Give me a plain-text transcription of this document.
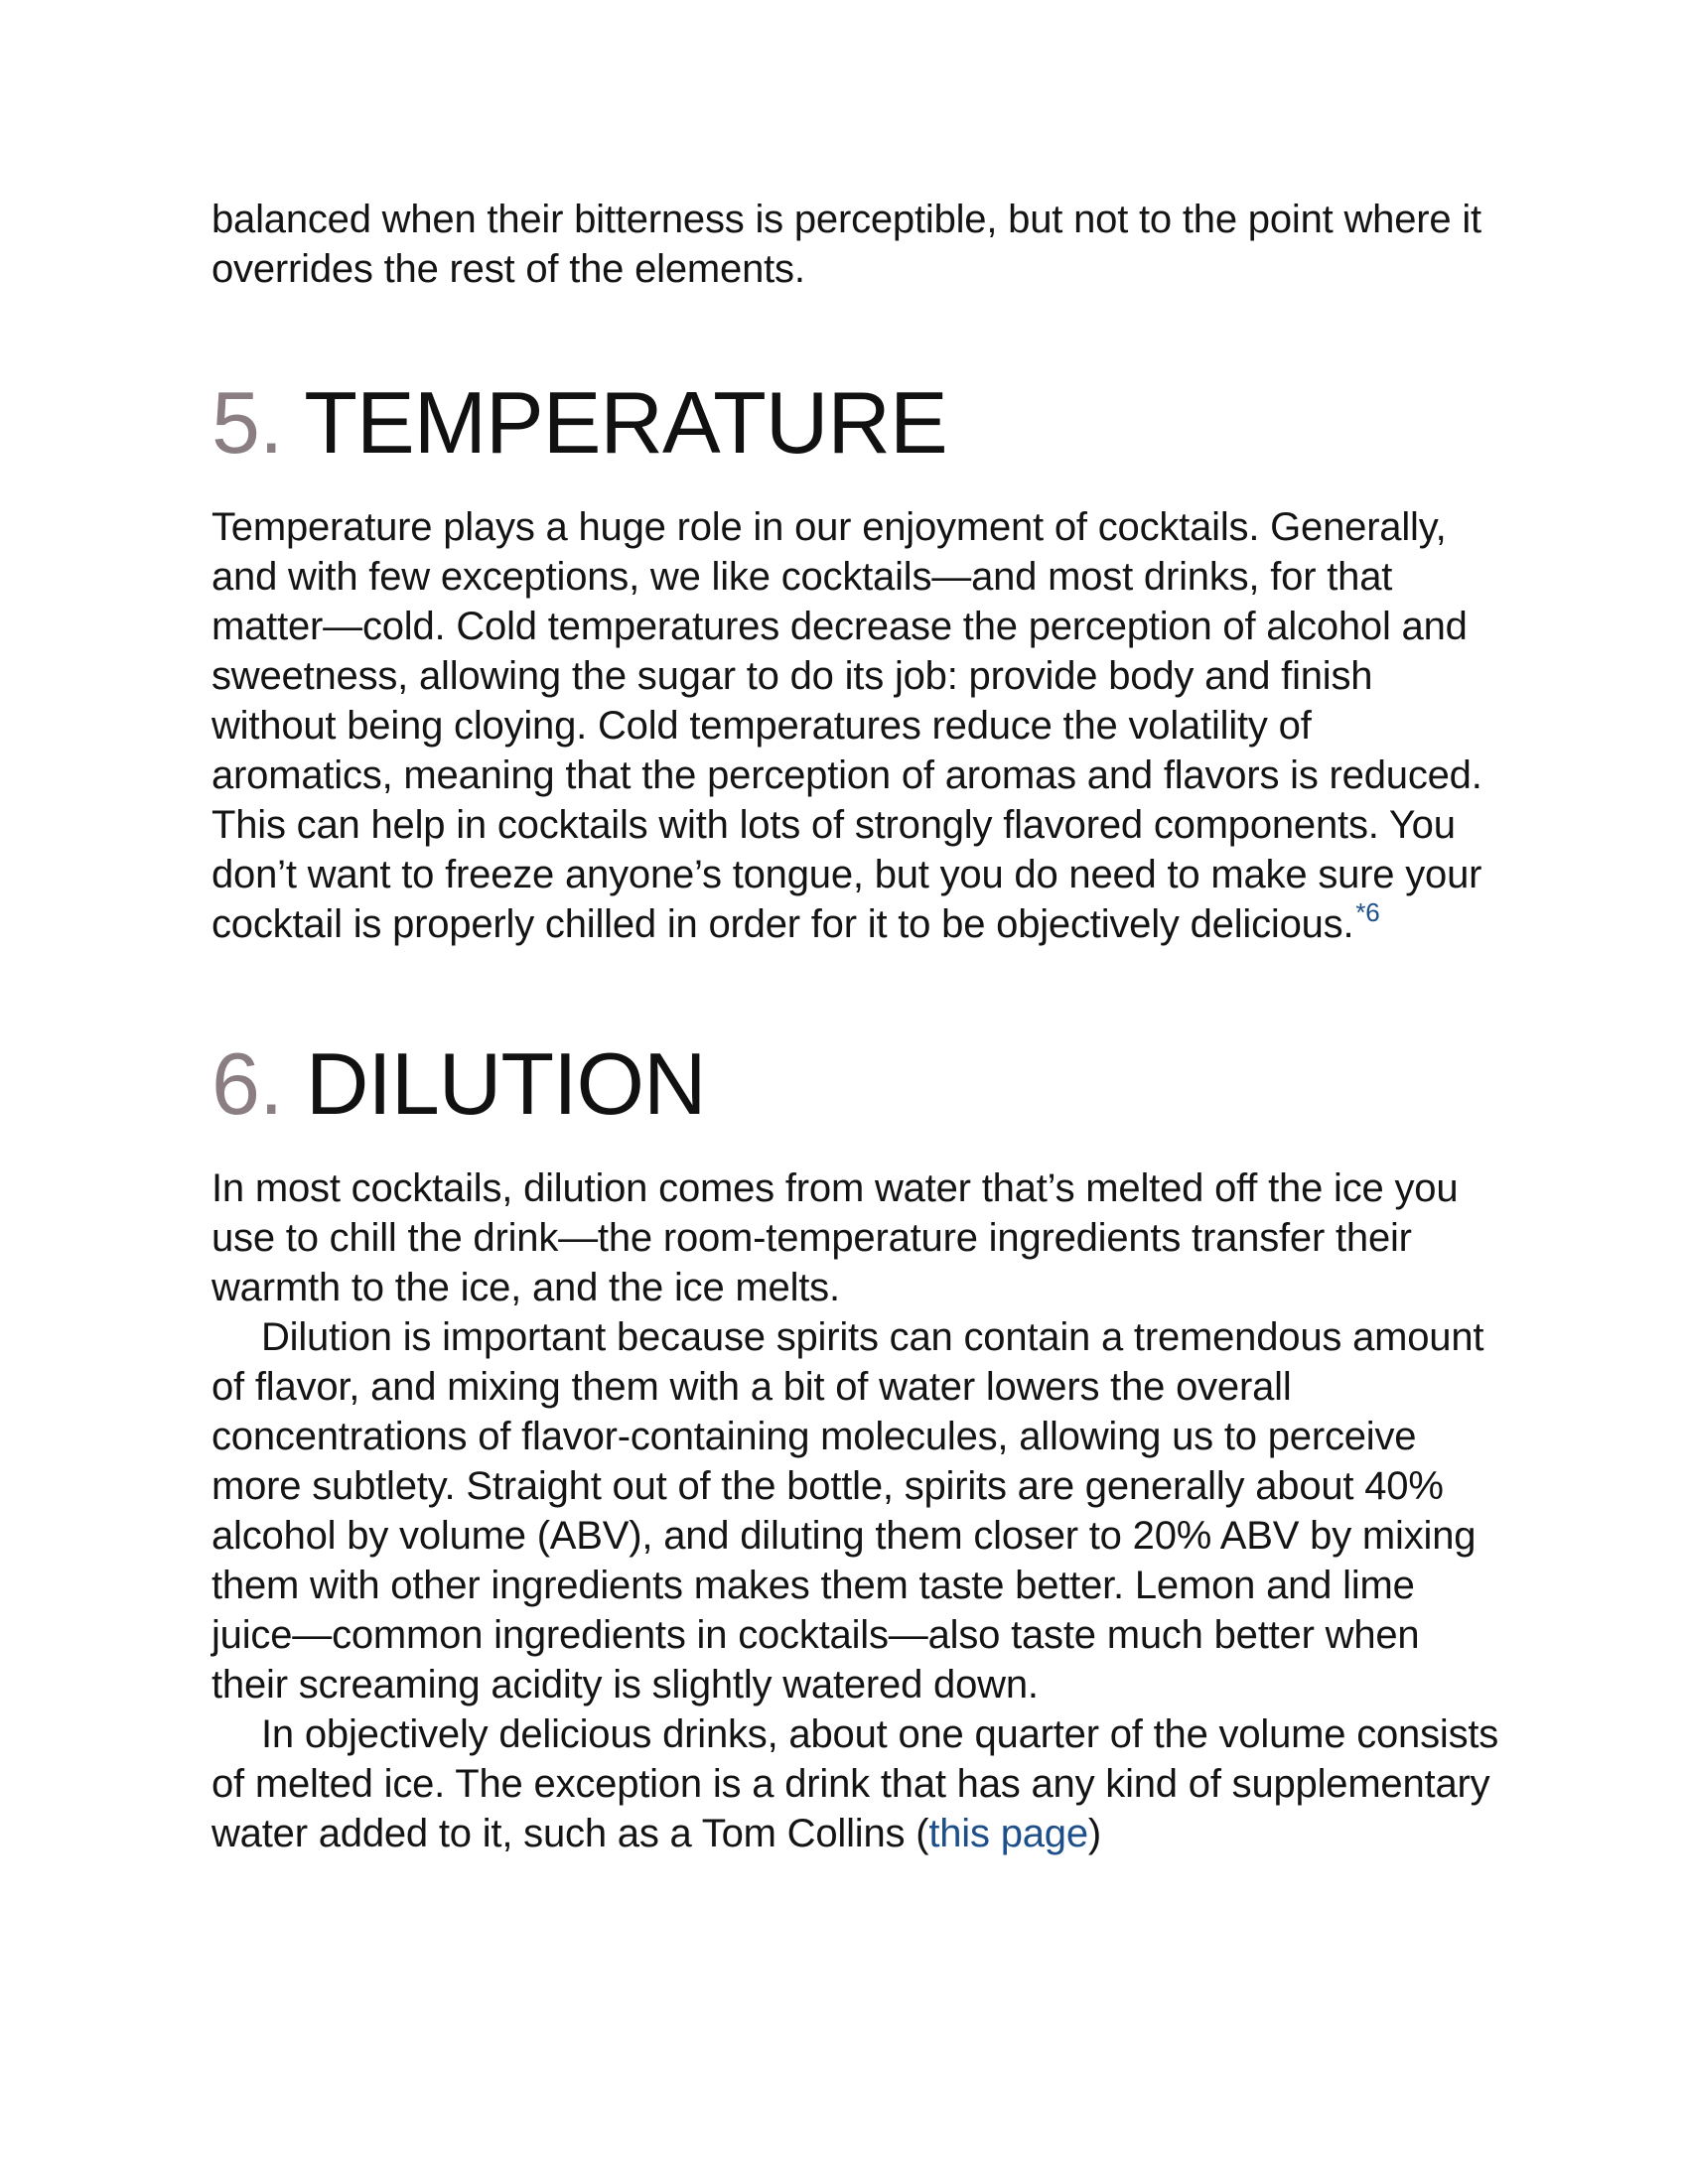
balanced when their bitterness is perceptible, but not to the point where it overrides the rest of the elements.

5. TEMPERATURE

Temperature plays a huge role in our enjoyment of cocktails. Generally, and with few exceptions, we like cocktails—and most drinks, for that matter—cold. Cold temperatures decrease the perception of alcohol and sweetness, allowing the sugar to do its job: provide body and finish without being cloying. Cold temperatures reduce the volatility of aromatics, meaning that the perception of aromas and flavors is reduced. This can help in cocktails with lots of strongly flavored components. You don’t want to freeze anyone’s tongue, but you do need to make sure your cocktail is properly chilled in order for it to be objectively delicious.$^{*6}$

6. DILUTION

In most cocktails, dilution comes from water that’s melted off the ice you use to chill the drink—the room-temperature ingredients transfer their warmth to the ice, and the ice melts.

Dilution is important because spirits can contain a tremendous amount of flavor, and mixing them with a bit of water lowers the overall concentrations of flavor-containing molecules, allowing us to perceive more subtlety. Straight out of the bottle, spirits are generally about 40% alcohol by volume (ABV), and diluting them closer to 20% ABV by mixing them with other ingredients makes them taste better. Lemon and lime juice—common ingredients in cocktails—also taste much better when their screaming acidity is slightly watered down.

In objectively delicious drinks, about one quarter of the volume consists of melted ice. The exception is a drink that has any kind of supplementary water added to it, such as a Tom Collins (this page)
